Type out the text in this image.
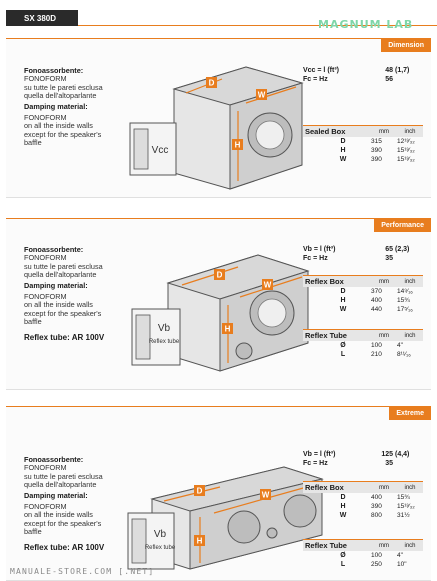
SX 380D	MAGNUM LAB
Dimension
Fonoassorbente:
FONOFORM
su tutte le pareti esclusa
quella dell'altoparlante
Damping material:
FONOFORM
on all the inside walls
except for the speaker's
baffle
D
H
W
Vcc
Vcc = l (ft³)	48 (1,7)
Fc = Hz	56
Sealed Box	mm	inch
D	315	12¹³⁄₃₂
H	390	15¹³⁄₃₂
W	390	15¹³⁄₃₂
Performance
Fonoassorbente:
FONOFORM
su tutte le pareti esclusa
quella dell'altoparlante
Damping material:
FONOFORM
on all the inside walls
except for the speaker's
baffle
Reflex tube: AR 100V
D
H
W
Vb
Reflex tube
Vb = l (ft³)	65 (2,3)
Fc = Hz	35
Reflex Box	mm	inch
D	370	14⁹⁄₁₆
H	400	15¾
W	440	17⁵⁄₁₆
Reflex Tube	mm	inch
Ø	100	4"
L	210	8¹¹⁄₁₆
Extreme
Fonoassorbente:
FONOFORM
su tutte le pareti esclusa
quella dell'altoparlante
Damping material:
FONOFORM
on all the inside walls
except for the speaker's
baffle
Reflex tube: AR 100V
D
H
W
Vb
Reflex tube
Vb = l (ft³)	125 (4,4)
Fc = Hz	35
Reflex Box	mm	inch
D	400	15¾
H	390	15¹³⁄₃₂
W	800	31½
Reflex Tube	mm	inch
Ø	100	4"
L	250	10"
MANUALE-STORE.COM [.NET]
